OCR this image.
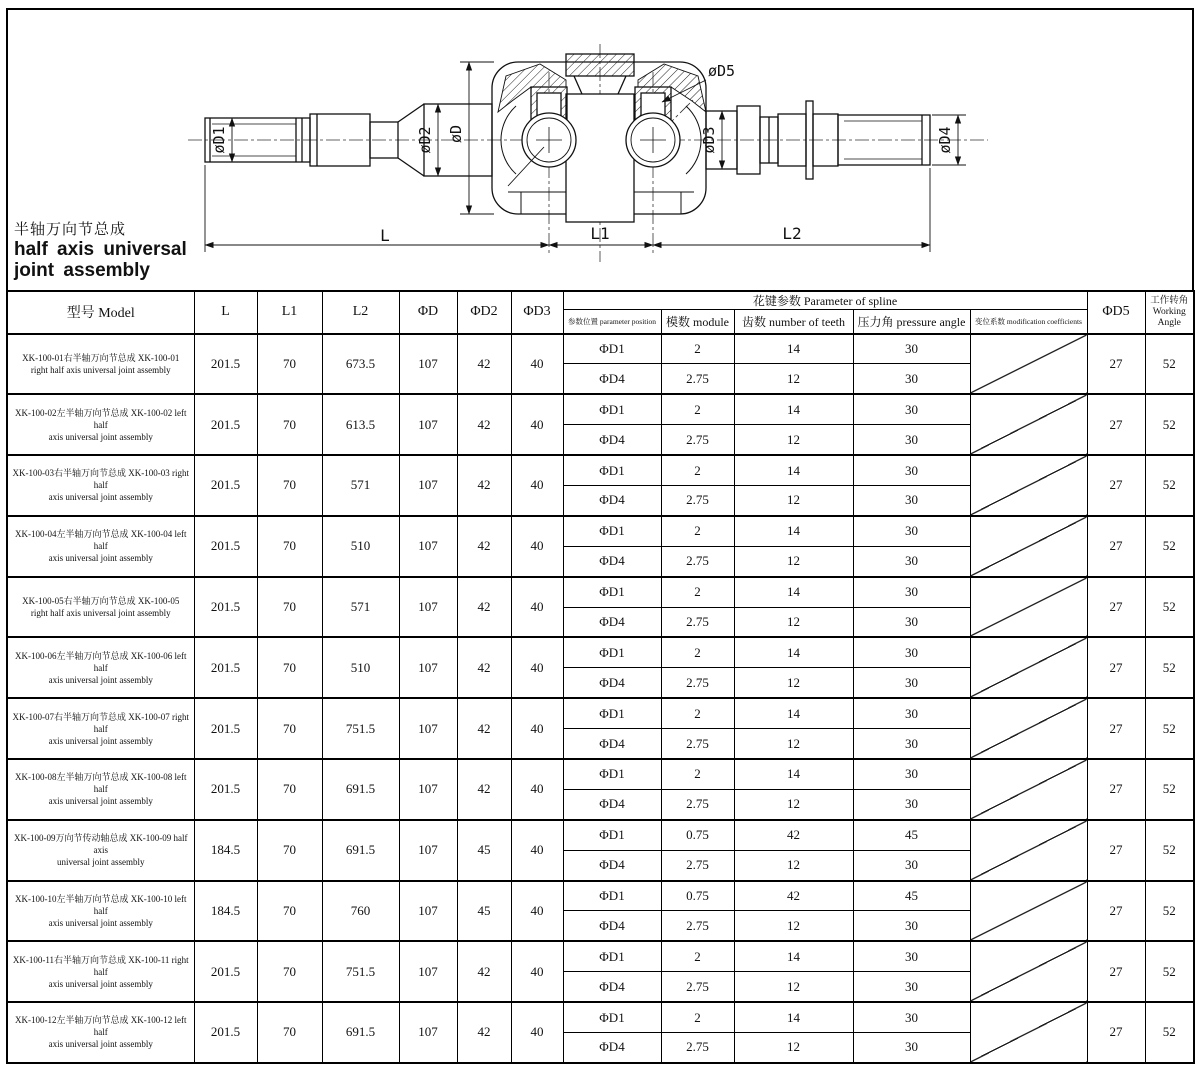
øD1	øD2 øD	øD3	øD4
øD5
L	L1	L2
半轴万向节总成
half axis universal
joint assembly
型号 Model	L	L1	L2	ΦD	ΦD2	ΦD3	花键参数 Parameter of spline					ΦD5	工作转角
Working Angle
							参数位置 parameter position	模数 module	齿数 number of teeth	压力角 pressure angle	变位系数 modification coefficients		

XK-100-01右半轴万向节总成 XK-100-01
right half axis universal joint assembly	201.5	70	673.5	107	42	40	ΦD1	2	14	30		27	52
							ΦD4	2.75	12	30			

XK-100-02左半轴万向节总成 XK-100-02 left half
axis universal joint assembly	201.5	70	613.5	107	42	40	ΦD1	2	14	30		27	52
							ΦD4	2.75	12	30			

XK-100-03右半轴万向节总成 XK-100-03 right half
axis universal joint assembly	201.5	70	571	107	42	40	ΦD1	2	14	30		27	52
							ΦD4	2.75	12	30			

XK-100-04左半轴万向节总成 XK-100-04 left half
axis universal joint assembly	201.5	70	510	107	42	40	ΦD1	2	14	30		27	52
							ΦD4	2.75	12	30			

XK-100-05右半轴万向节总成 XK-100-05
right half axis universal joint assembly	201.5	70	571	107	42	40	ΦD1	2	14	30		27	52
							ΦD4	2.75	12	30			

XK-100-06左半轴万向节总成 XK-100-06 left half
axis universal joint assembly	201.5	70	510	107	42	40	ΦD1	2	14	30		27	52
							ΦD4	2.75	12	30			

XK-100-07右半轴万向节总成 XK-100-07 right half
axis universal joint assembly	201.5	70	751.5	107	42	40	ΦD1	2	14	30		27	52
							ΦD4	2.75	12	30			

XK-100-08左半轴万向节总成 XK-100-08 left half
axis universal joint assembly	201.5	70	691.5	107	42	40	ΦD1	2	14	30		27	52
							ΦD4	2.75	12	30			

XK-100-09万向节传动轴总成 XK-100-09 half axis
universal joint assembly	184.5	70	691.5	107	45	40	ΦD1	0.75	42	45		27	52
							ΦD4	2.75	12	30			

XK-100-10左半轴万向节总成 XK-100-10 left half
axis universal joint assembly	184.5	70	760	107	45	40	ΦD1	0.75	42	45		27	52
							ΦD4	2.75	12	30			

XK-100-11右半轴万向节总成 XK-100-11 right half
axis universal joint assembly	201.5	70	751.5	107	42	40	ΦD1	2	14	30		27	52
							ΦD4	2.75	12	30			

XK-100-12左半轴万向节总成 XK-100-12 left half
axis universal joint assembly	201.5	70	691.5	107	42	40	ΦD1	2	14	30		27	52
							ΦD4	2.75	12	30			
